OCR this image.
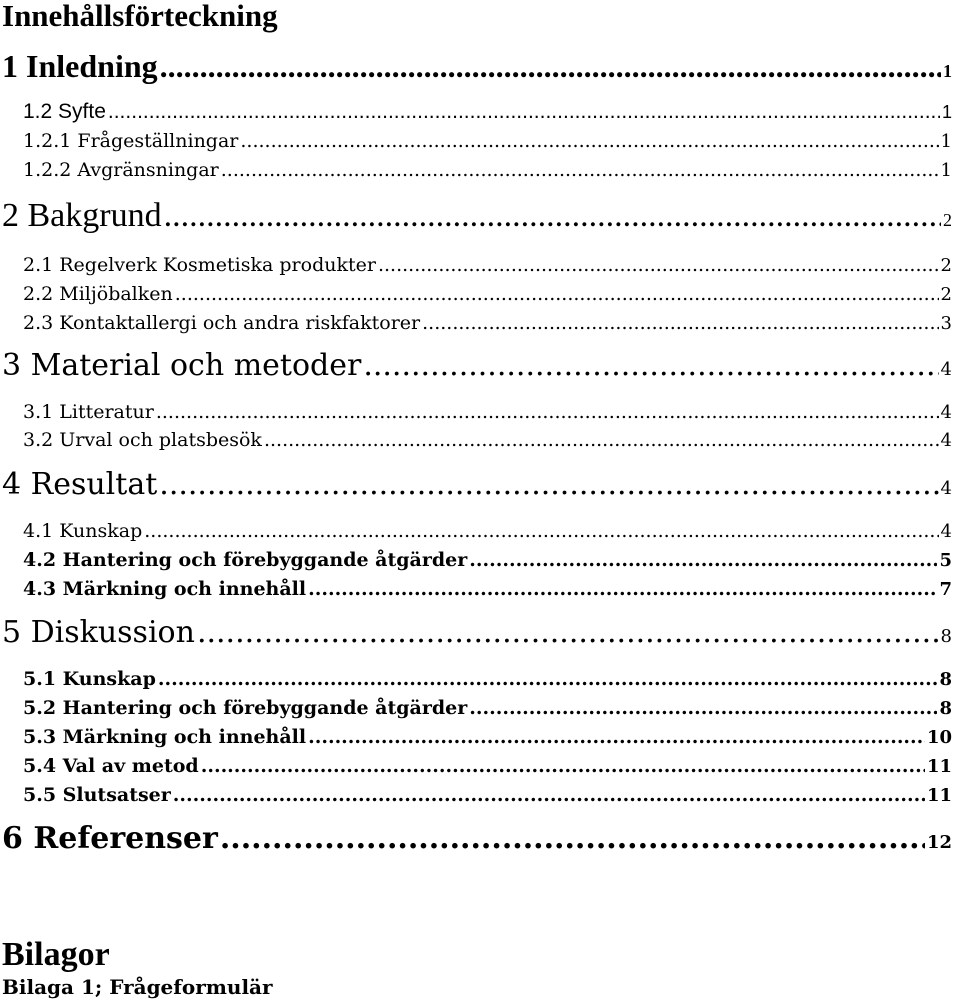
Innehållsförteckning
1 Inledning .....	1
1.2 Syfte .....	1
1.2.1 Frågeställningar .....	1
1.2.2 Avgränsningar .....	1
2 Bakgrund .....	2
2.1 Regelverk Kosmetiska produkter .....	2
2.2 Miljöbalken .....	2
2.3 Kontaktallergi och andra riskfaktorer .....	3
3 Material och metoder .....	4
3.1 Litteratur .....	4
3.2 Urval och platsbesök .....	4
4 Resultat .....	4
4.1 Kunskap .....	4
4.2 Hantering och förebyggande åtgärder .....	5
4.3 Märkning och innehåll .....	7
5 Diskussion .....	8
5.1 Kunskap .....	8
5.2 Hantering och förebyggande åtgärder .....	8
5.3 Märkning och innehåll .....	10
5.4 Val av metod .....	11
5.5 Slutsatser .....	11
6 Referenser .....	12
Bilagor
Bilaga 1; Frågeformulär
